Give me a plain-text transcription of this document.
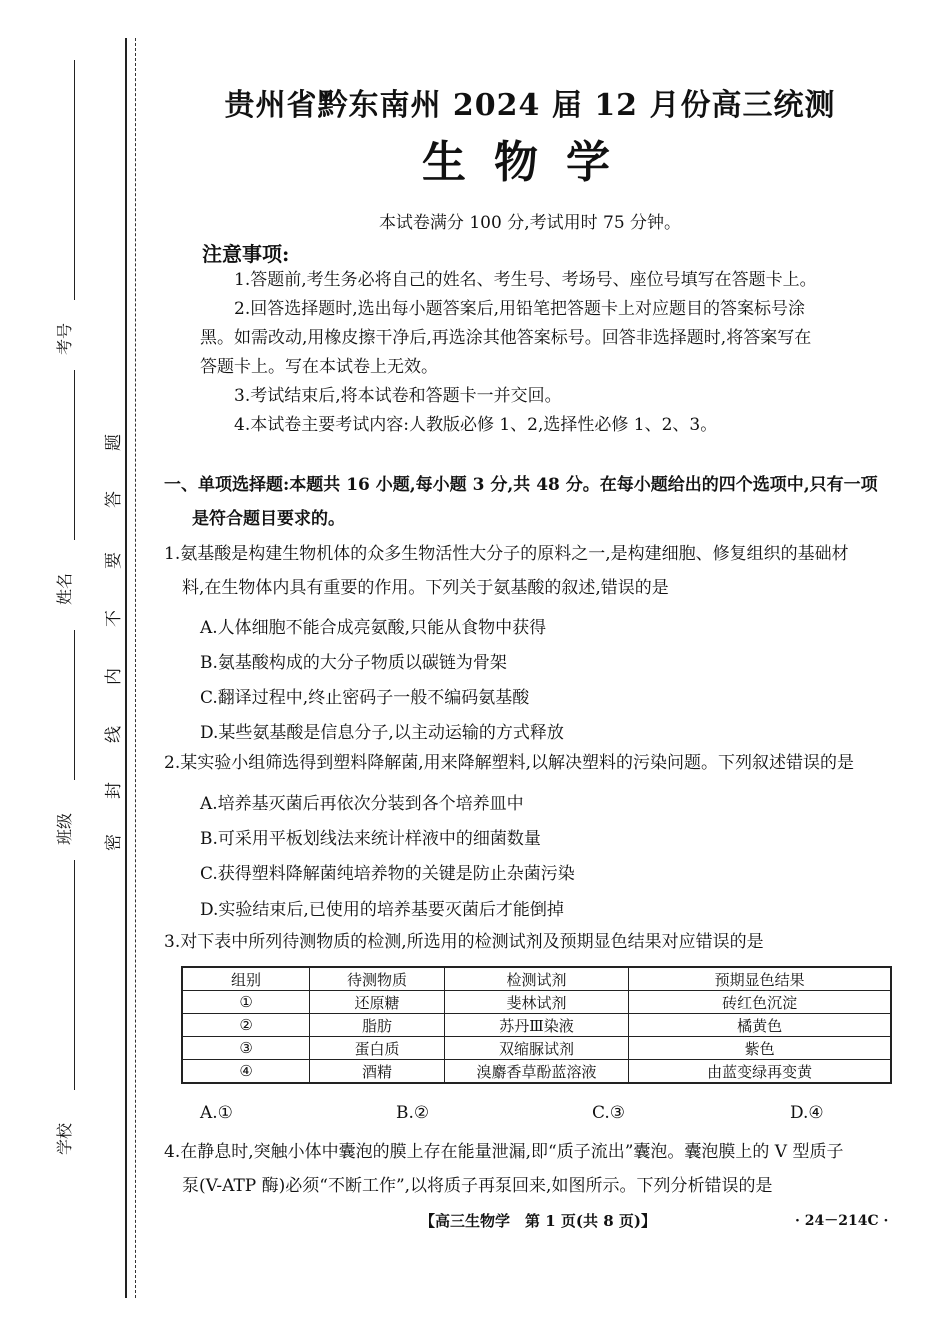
考号
姓名
班级
学校
密
封
线
内
不
要
答
题
贵州省黔东南州 2024 届 12 月份高三统测
生物学
本试卷满分 100 分,考试用时 75 分钟。
注意事项:
1.答题前,考生务必将自己的姓名、考生号、考场号、座位号填写在答题卡上。
2.回答选择题时,选出每小题答案后,用铅笔把答题卡上对应题目的答案标号涂
黑。如需改动,用橡皮擦干净后,再选涂其他答案标号。回答非选择题时,将答案写在
答题卡上。写在本试卷上无效。
3.考试结束后,将本试卷和答题卡一并交回。
4.本试卷主要考试内容:人教版必修 1、2,选择性必修 1、2、3。
一、单项选择题:本题共 16 小题,每小题 3 分,共 48 分。在每小题给出的四个选项中,只有一项
是符合题目要求的。
1.氨基酸是构建生物机体的众多生物活性大分子的原料之一,是构建细胞、修复组织的基础材
料,在生物体内具有重要的作用。下列关于氨基酸的叙述,错误的是
A.人体细胞不能合成亮氨酸,只能从食物中获得
B.氨基酸构成的大分子物质以碳链为骨架
C.翻译过程中,终止密码子一般不编码氨基酸
D.某些氨基酸是信息分子,以主动运输的方式释放
2.某实验小组筛选得到塑料降解菌,用来降解塑料,以解决塑料的污染问题。下列叙述错误的是
A.培养基灭菌后再依次分装到各个培养皿中
B.可采用平板划线法来统计样液中的细菌数量
C.获得塑料降解菌纯培养物的关键是防止杂菌污染
D.实验结束后,已使用的培养基要灭菌后才能倒掉
3.对下表中所列待测物质的检测,所选用的检测试剂及预期显色结果对应错误的是
组别	待测物质	检测试剂	预期显色结果
①	还原糖	斐林试剂	砖红色沉淀
②	脂肪	苏丹Ⅲ染液	橘黄色
③	蛋白质	双缩脲试剂	紫色
④	酒精	溴麝香草酚蓝溶液	由蓝变绿再变黄
A.①	B.②	C.③	D.④
4.在静息时,突触小体中囊泡的膜上存在能量泄漏,即“质子流出”囊泡。囊泡膜上的 V 型质子
泵(V-ATP 酶)必须“不断工作”,以将质子再泵回来,如图所示。下列分析错误的是
【高三生物学　第 1 页(共 8 页)】	· 24－214C ·
